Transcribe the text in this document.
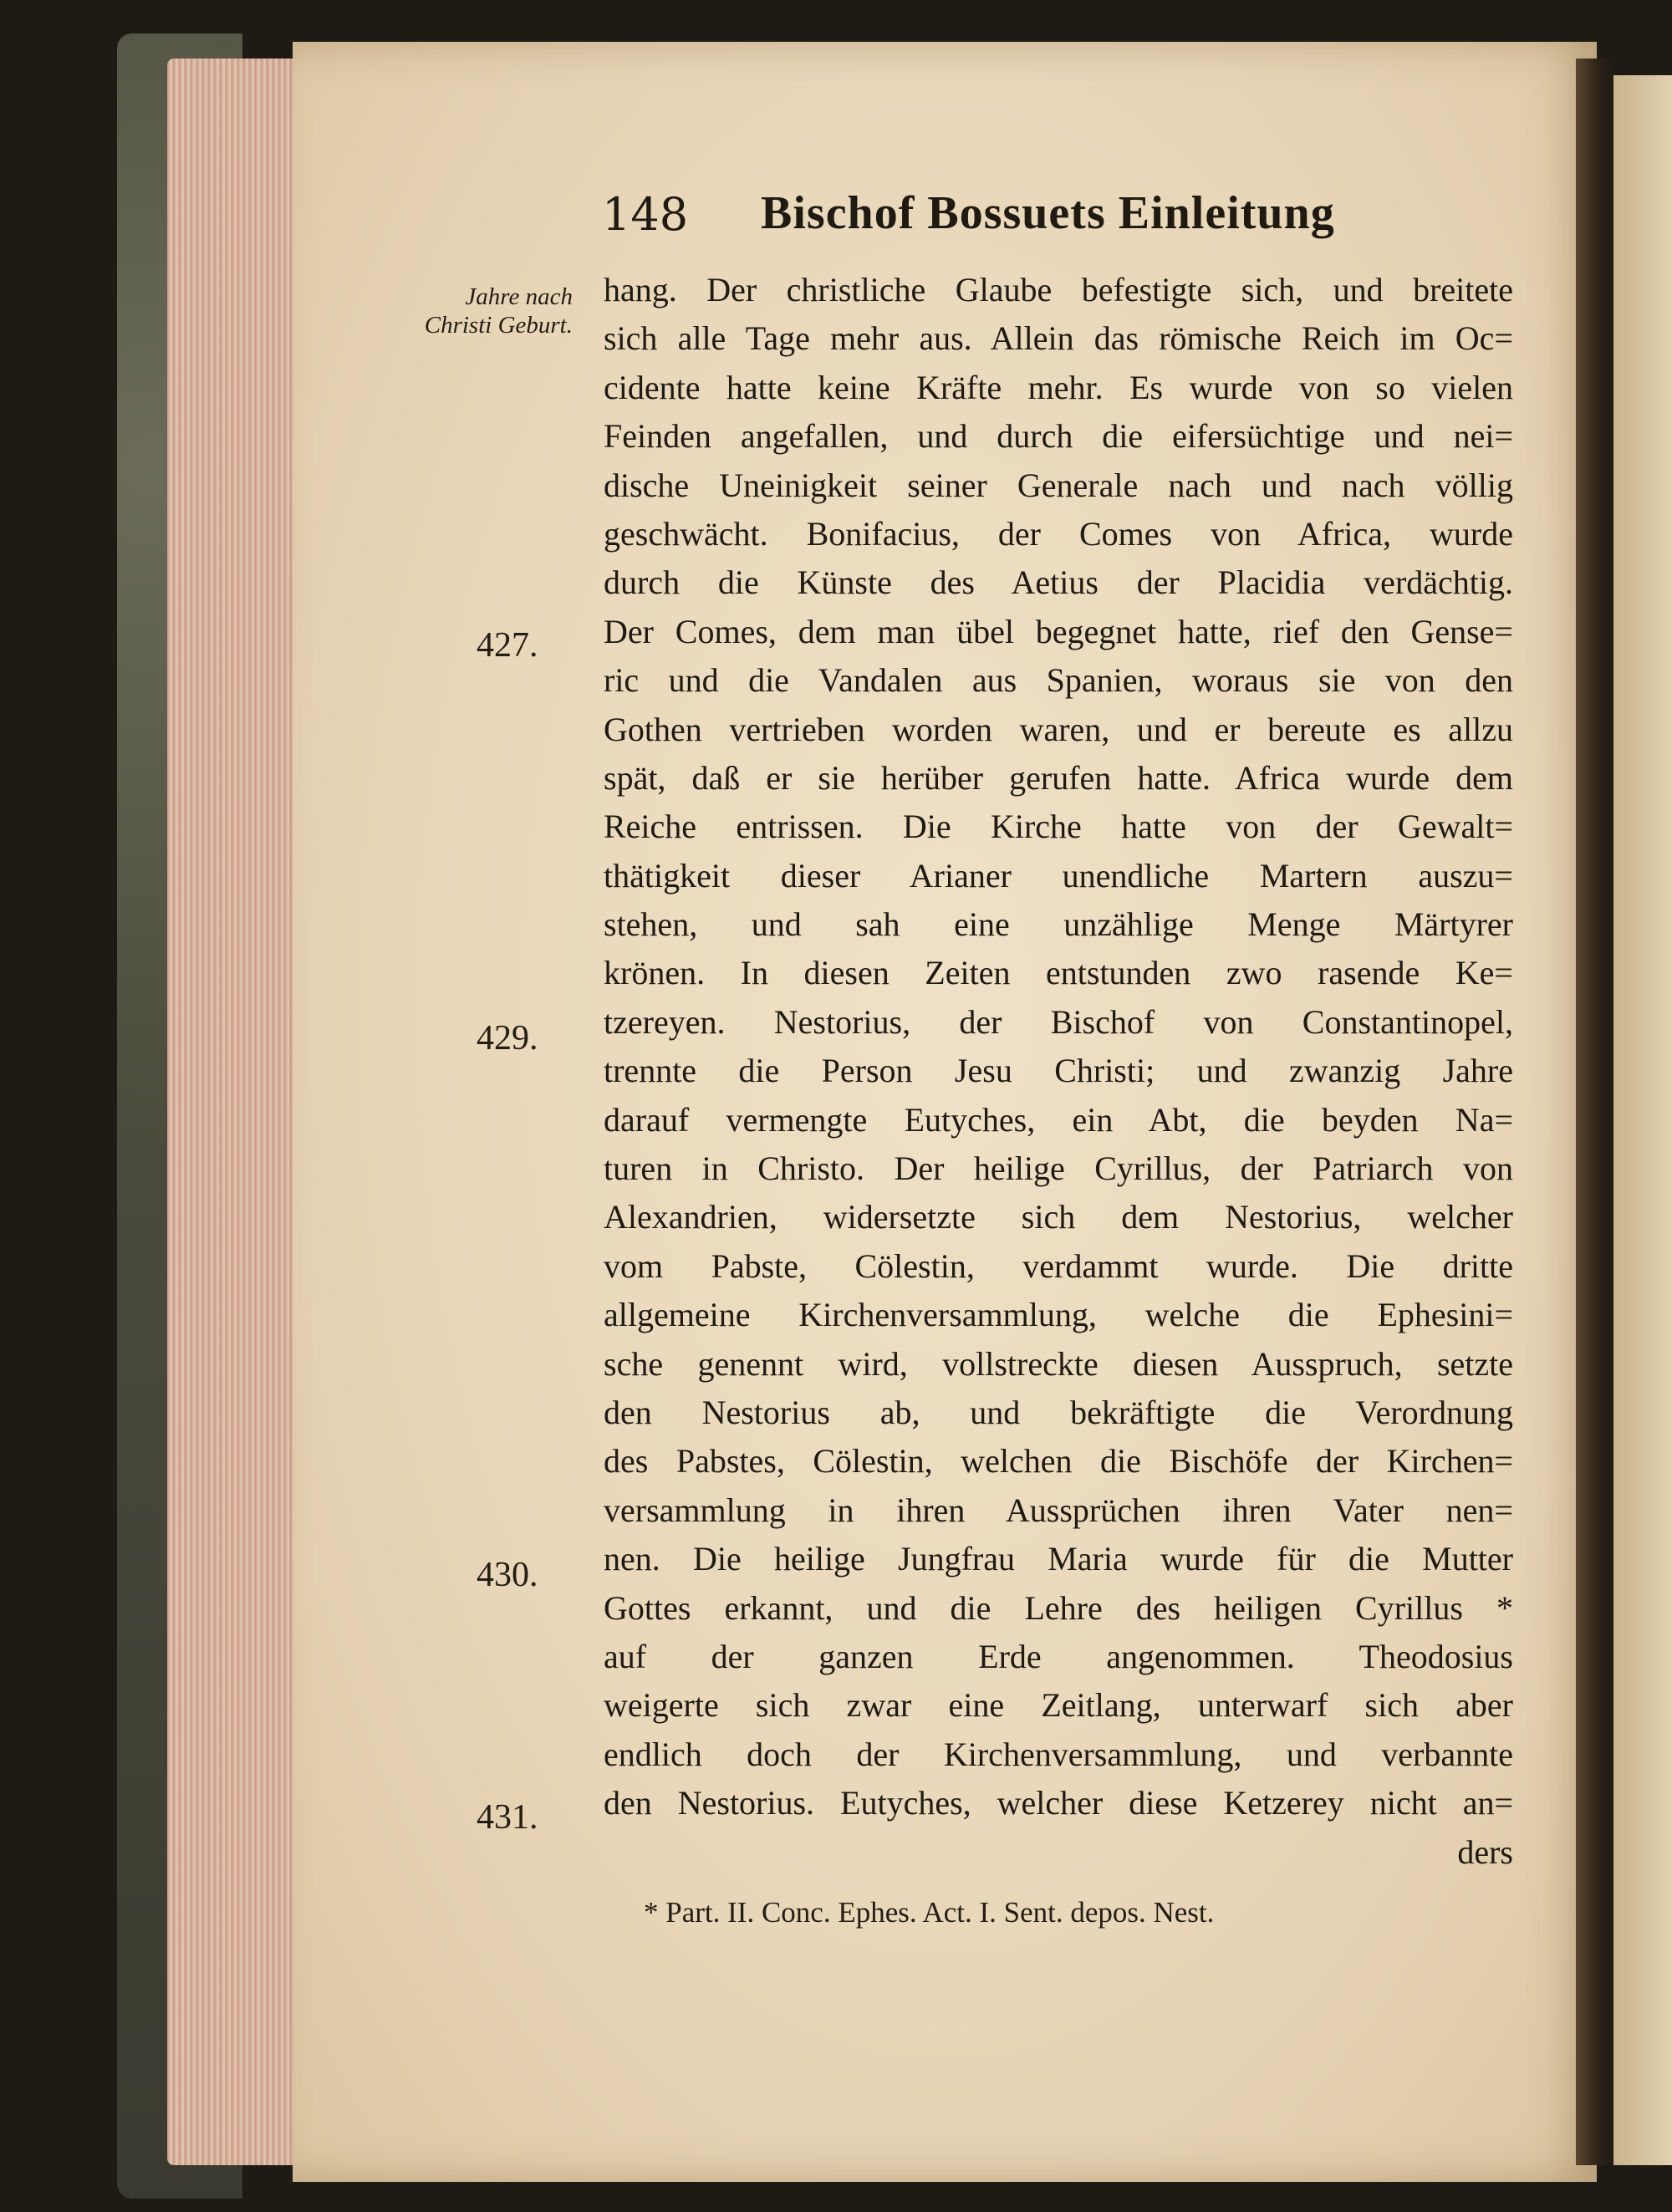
148 Bischof Bossuets Einleitung
Jahre nach Christi Geburt.
427.
429.
430.
431.
hang. Der christliche Glaube befestigte sich, und breitete
sich alle Tage mehr aus. Allein das römische Reich im Oc=
cidente hatte keine Kräfte mehr. Es wurde von so vielen
Feinden angefallen, und durch die eifersüchtige und nei=
dische Uneinigkeit seiner Generale nach und nach völlig
geschwächt. Bonifacius, der Comes von Africa, wurde
durch die Künste des Aetius der Placidia verdächtig.
Der Comes, dem man übel begegnet hatte, rief den Gense=
ric und die Vandalen aus Spanien, woraus sie von den
Gothen vertrieben worden waren, und er bereute es allzu
spät, daß er sie herüber gerufen hatte. Africa wurde dem
Reiche entrissen. Die Kirche hatte von der Gewalt=
thätigkeit dieser Arianer unendliche Martern auszu=
stehen, und sah eine unzählige Menge Märtyrer
krönen. In diesen Zeiten entstunden zwo rasende Ke=
tzereyen. Nestorius, der Bischof von Constantinopel,
trennte die Person Jesu Christi; und zwanzig Jahre
darauf vermengte Eutyches, ein Abt, die beyden Na=
turen in Christo. Der heilige Cyrillus, der Patriarch von
Alexandrien, widersetzte sich dem Nestorius, welcher
vom Pabste, Cölestin, verdammt wurde. Die dritte
allgemeine Kirchenversammlung, welche die Ephesini=
sche genennt wird, vollstreckte diesen Ausspruch, setzte
den Nestorius ab, und bekräftigte die Verordnung
des Pabstes, Cölestin, welchen die Bischöfe der Kirchen=
versammlung in ihren Aussprüchen ihren Vater nen=
nen. Die heilige Jungfrau Maria wurde für die Mutter
Gottes erkannt, und die Lehre des heiligen Cyrillus *
auf der ganzen Erde angenommen. Theodosius
weigerte sich zwar eine Zeitlang, unterwarf sich aber
endlich doch der Kirchenversammlung, und verbannte
den Nestorius. Eutyches, welcher diese Ketzerey nicht an=
ders
* Part. II. Conc. Ephes. Act. I. Sent. depos. Nest.
